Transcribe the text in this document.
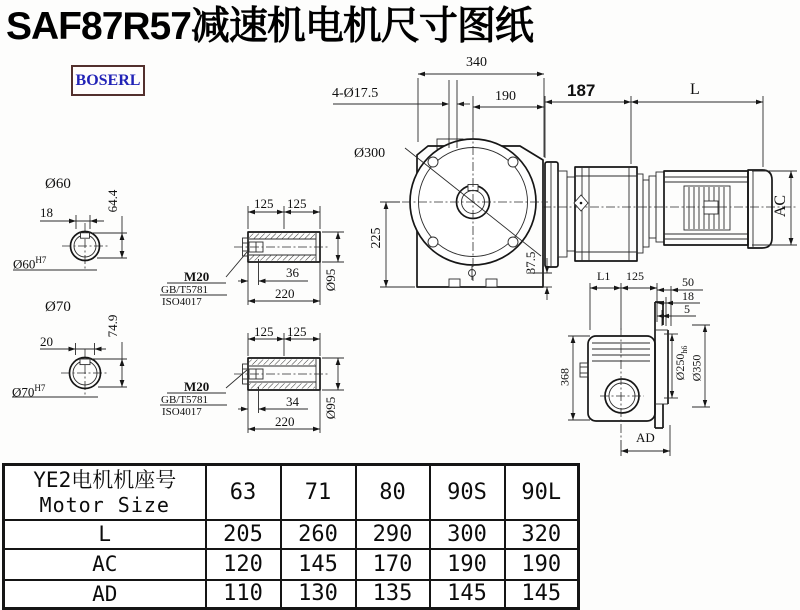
SAF87R57减速机电机尺寸图纸
BOSERL
Ø60
64.4
18
$Ø60^{H7}$
Ø70
74.9
20
$Ø70^{H7}$
M20
GB/T5781
ISO4017
M20
GB/T5781
ISO4017
125 125
36
220
Ø95
125 125
34
220
Ø95
340
190
4-Ø17.5
Ø300
225
37.5
187	L
AC
L1 125	50
18
5
368	$Ø250_{h6}$
Ø350
AD
YE2电机机座号
Motor Size	63	71	80	90S	90L
L	205	260	290	300	320
AC	120	145	170	190	190
AD	110	130	135	145	145
